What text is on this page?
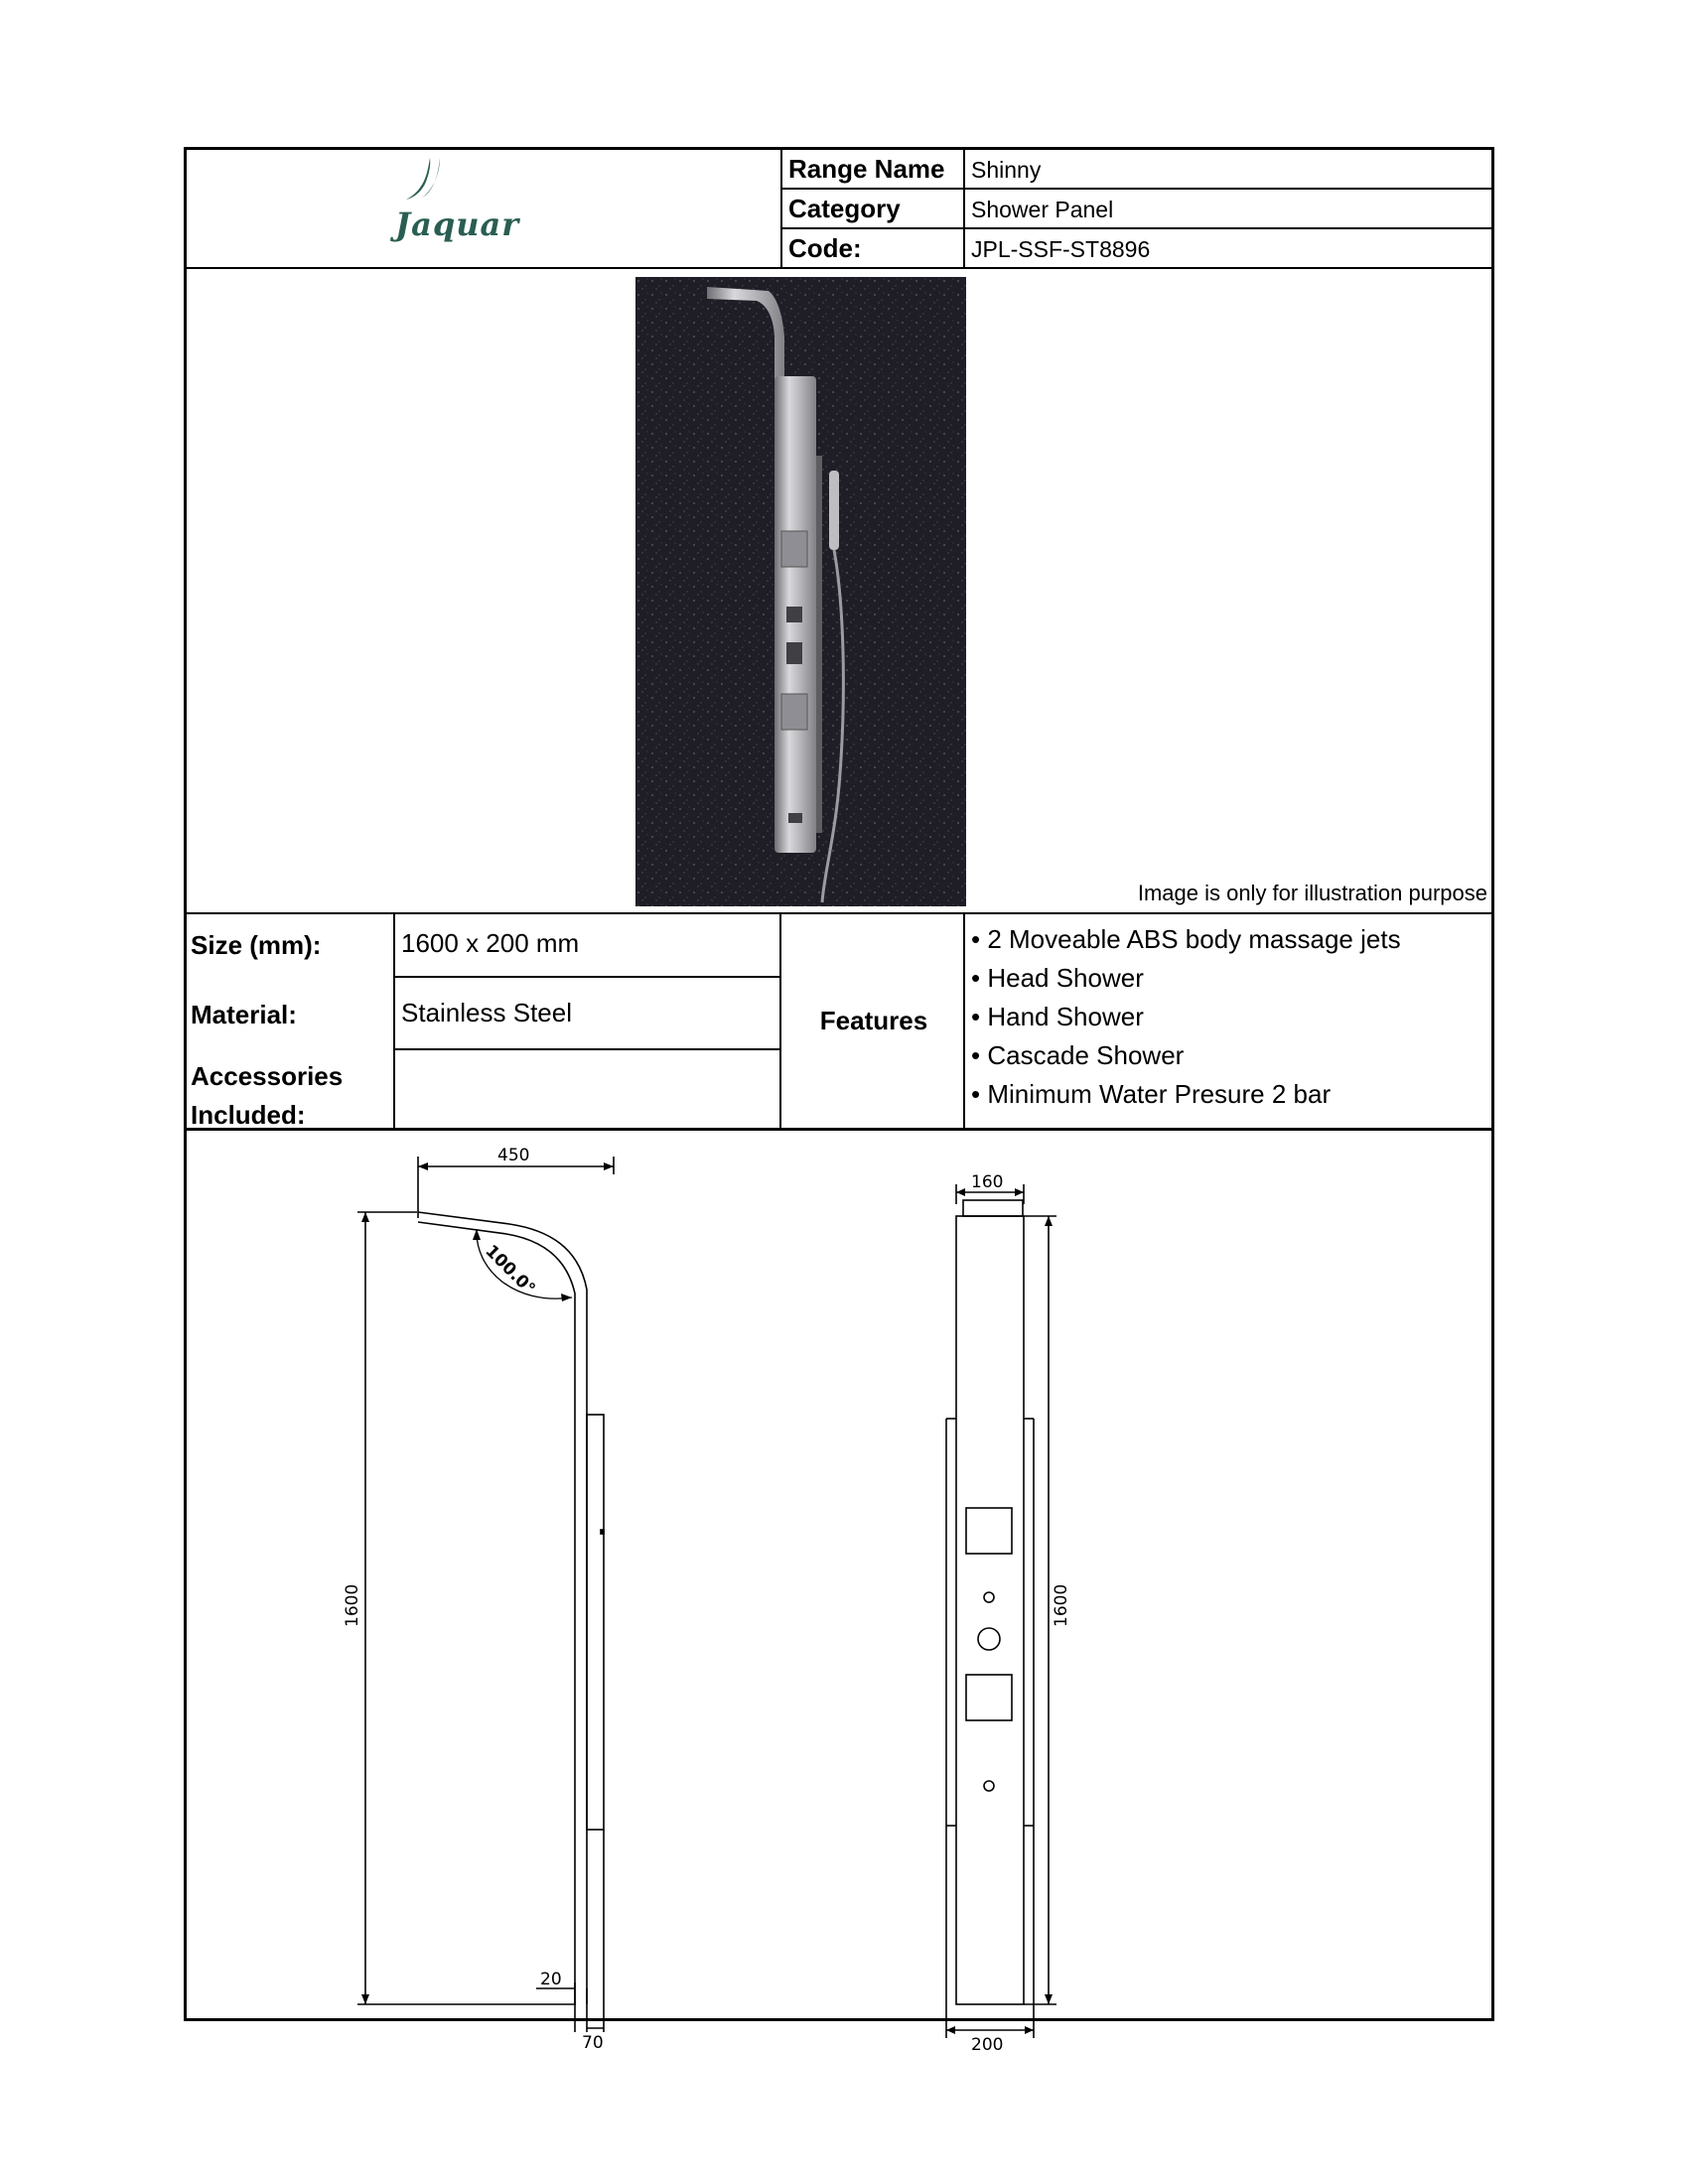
Jaquar
Range Name	Shinny
Category	Shower Panel
Code:	JPL-SSF-ST8896
Image is only for illustration purpose
Size (mm):	1600 x 200 mm
Material:	Stainless Steel
Accessories
Included:
Features
• 2 Moveable ABS body massage jets
• Head Shower
• Hand Shower
• Cascade Shower
• Minimum Water Presure 2 bar
450
1600
100.0°
20
70
160
1600
200
